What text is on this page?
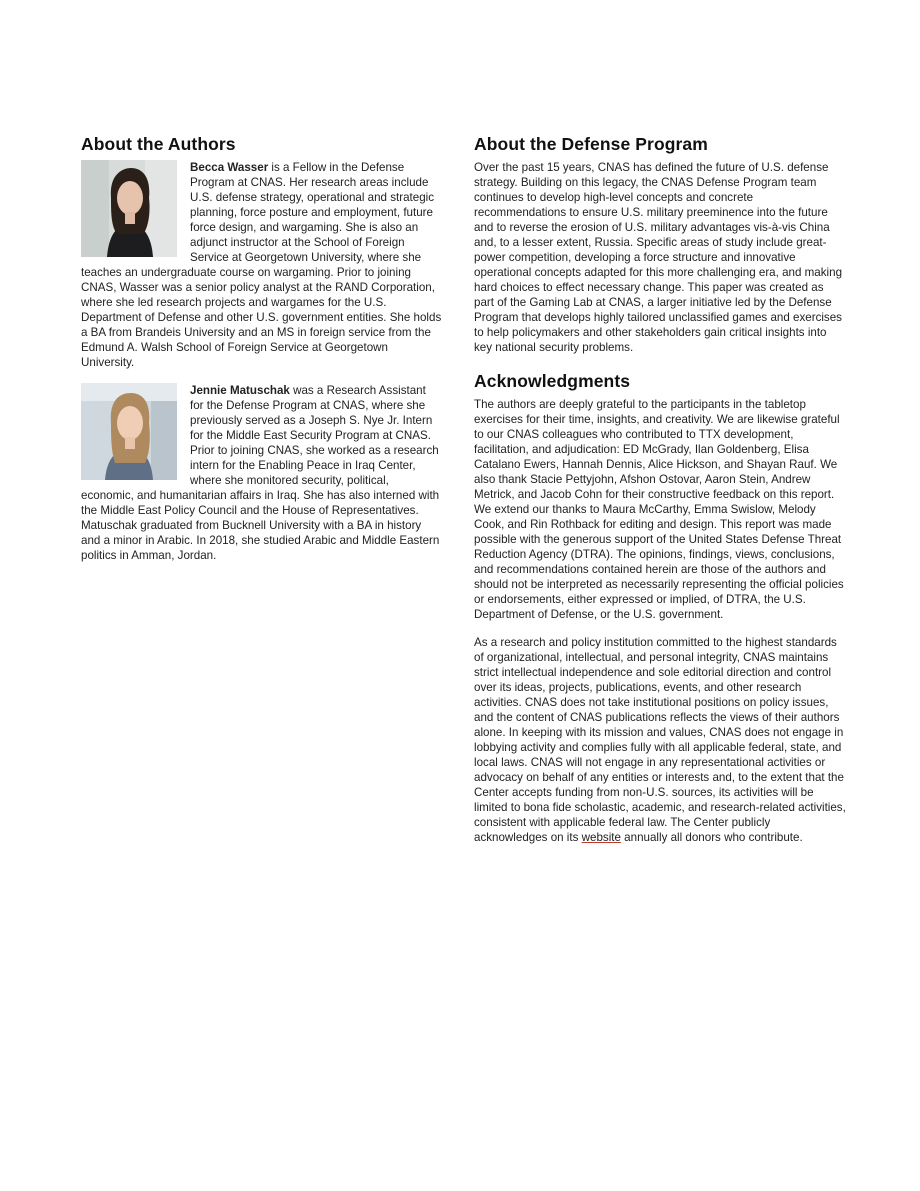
About the Authors

Becca Wasser is a Fellow in the Defense Program at CNAS. Her research areas include U.S. defense strategy, operational and strategic planning, force posture and employment, future force design, and wargaming. She is also an adjunct instructor at the School of Foreign Service at Georgetown University, where she teaches an undergraduate course on wargaming. Prior to joining CNAS, Wasser was a senior policy analyst at the RAND Corporation, where she led research projects and wargames for the U.S. Department of Defense and other U.S. government entities. She holds a BA from Brandeis University and an MS in foreign service from the Edmund A. Walsh School of Foreign Service at Georgetown University.

Jennie Matuschak was a Research Assistant for the Defense Program at CNAS, where she previously served as a Joseph S. Nye Jr. Intern for the Middle East Security Program at CNAS. Prior to joining CNAS, she worked as a research intern for the Enabling Peace in Iraq Center, where she monitored security, political, economic, and humanitarian affairs in Iraq. She has also interned with the Middle East Policy Council and the House of Representatives. Matuschak graduated from Bucknell University with a BA in history and a minor in Arabic. In 2018, she studied Arabic and Middle Eastern politics in Amman, Jordan.

About the Defense Program

Over the past 15 years, CNAS has defined the future of U.S. defense strategy. Building on this legacy, the CNAS Defense Program team continues to develop high-level concepts and concrete recommendations to ensure U.S. military preeminence into the future and to reverse the erosion of U.S. military advantages vis-à-vis China and, to a lesser extent, Russia. Specific areas of study include great-power competition, developing a force structure and innovative operational concepts adapted for this more challenging era, and making hard choices to effect necessary change. This paper was created as part of the Gaming Lab at CNAS, a larger initiative led by the Defense Program that develops highly tailored unclassified games and exercises to help policymakers and other stakeholders gain critical insights into key national security problems.

Acknowledgments

The authors are deeply grateful to the participants in the tabletop exercises for their time, insights, and creativity. We are likewise grateful to our CNAS colleagues who contributed to TTX development, facilitation, and adjudication: ED McGrady, Ilan Goldenberg, Elisa Catalano Ewers, Hannah Dennis, Alice Hickson, and Shayan Rauf. We also thank Stacie Pettyjohn, Afshon Ostovar, Aaron Stein, Andrew Metrick, and Jacob Cohn for their constructive feedback on this report. We extend our thanks to Maura McCarthy, Emma Swislow, Melody Cook, and Rin Rothback for editing and design. This report was made possible with the generous support of the United States Defense Threat Reduction Agency (DTRA). The opinions, findings, views, conclusions, and recommendations contained herein are those of the authors and should not be interpreted as necessarily representing the official policies or endorsements, either expressed or implied, of DTRA, the U.S. Department of Defense, or the U.S. government.

As a research and policy institution committed to the highest standards of organizational, intellectual, and personal integrity, CNAS maintains strict intellectual independence and sole editorial direction and control over its ideas, projects, publications, events, and other research activities. CNAS does not take institutional positions on policy issues, and the content of CNAS publications reflects the views of their authors alone. In keeping with its mission and values, CNAS does not engage in lobbying activity and complies fully with all applicable federal, state, and local laws. CNAS will not engage in any representational activities or advocacy on behalf of any entities or interests and, to the extent that the Center accepts funding from non-U.S. sources, its activities will be limited to bona fide scholastic, academic, and research-related activities, consistent with applicable federal law. The Center publicly acknowledges on its website annually all donors who contribute.
